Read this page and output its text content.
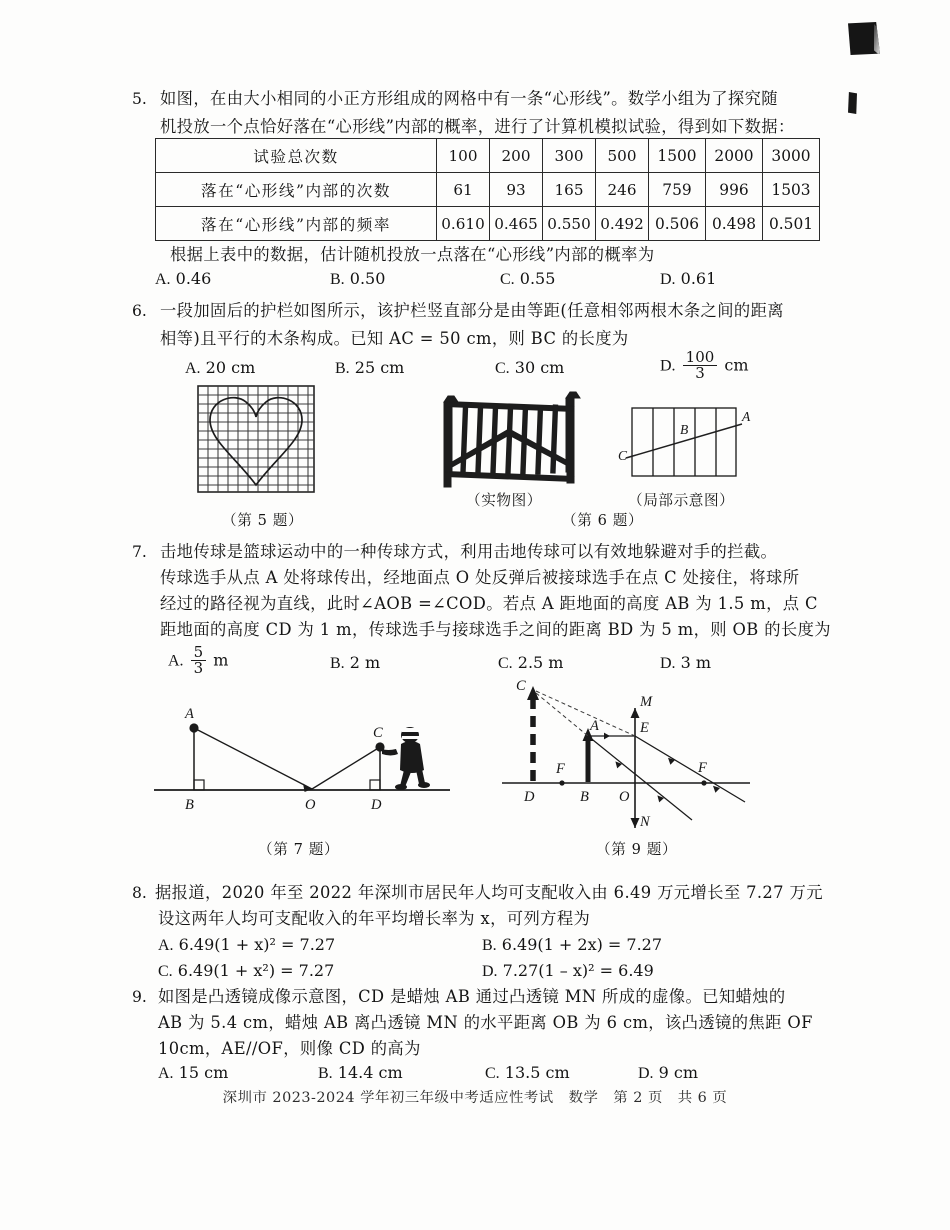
5. 如图，在由大小相同的小正方形组成的网格中有一条“心形线”。数学小组为了探究随
机投放一个点恰好落在“心形线”内部的概率，进行了计算机模拟试验，得到如下数据：
试验总次数	100	200	300	500	1500	2000	3000
落在“心形线”内部的次数	61	93	165	246	759	996	1503
落在“心形线”内部的频率	0.610	0.465	0.550	0.492	0.506	0.498	0.501
根据上表中的数据，估计随机投放一点落在“心形线”内部的概率为
A. 0.46	B. 0.50	C. 0.55	D. 0.61
6. 一段加固后的护栏如图所示，该护栏竖直部分是由等距(任意相邻两根木条之间的距离
相等)且平行的木条构成。已知 AC = 50 cm，则 BC 的长度为
A. 20 cm	B. 25 cm	C. 30 cm	D. $\frac{100}{3}$ cm
（第 5 题）
（实物图）
C
B
A
（局部示意图）
（第 6 题）
7. 击地传球是篮球运动中的一种传球方式，利用击地传球可以有效地躲避对手的拦截。
传球选手从点 A 处将球传出，经地面点 O 处反弹后被接球选手在点 C 处接住，将球所
经过的路径视为直线，此时∠AOB =∠COD。若点 A 距地面的高度 AB 为 1.5 m，点 C
距地面的高度 CD 为 1 m，传球选手与接球选手之间的距离 BD 为 5 m，则 OB 的长度为
A. $\frac{5}{3}$ m	B. 2 m	C. 2.5 m	D. 3 m
A
B	O
C
D
（第 7 题）
C
D
F
A
B O
M
E
F
N
（第 9 题）
8. 据报道，2020 年至 2022 年深圳市居民年人均可支配收入由 6.49 万元增长至 7.27 万元
设这两年人均可支配收入的年平均增长率为 x，可列方程为
A. 6.49(1 + x)² = 7.27	B. 6.49(1 + 2x) = 7.27
C. 6.49(1 + x²) = 7.27	D. 7.27(1 – x)² = 6.49
9. 如图是凸透镜成像示意图，CD 是蜡烛 AB 通过凸透镜 MN 所成的虚像。已知蜡烛的
AB 为 5.4 cm，蜡烛 AB 离凸透镜 MN 的水平距离 OB 为 6 cm，该凸透镜的焦距 OF
10cm，AE//OF，则像 CD 的高为
A. 15 cm	B. 14.4 cm	C. 13.5 cm	D. 9 cm
深圳市 2023-2024 学年初三年级中考适应性考试　数学　第 2 页　共 6 页
